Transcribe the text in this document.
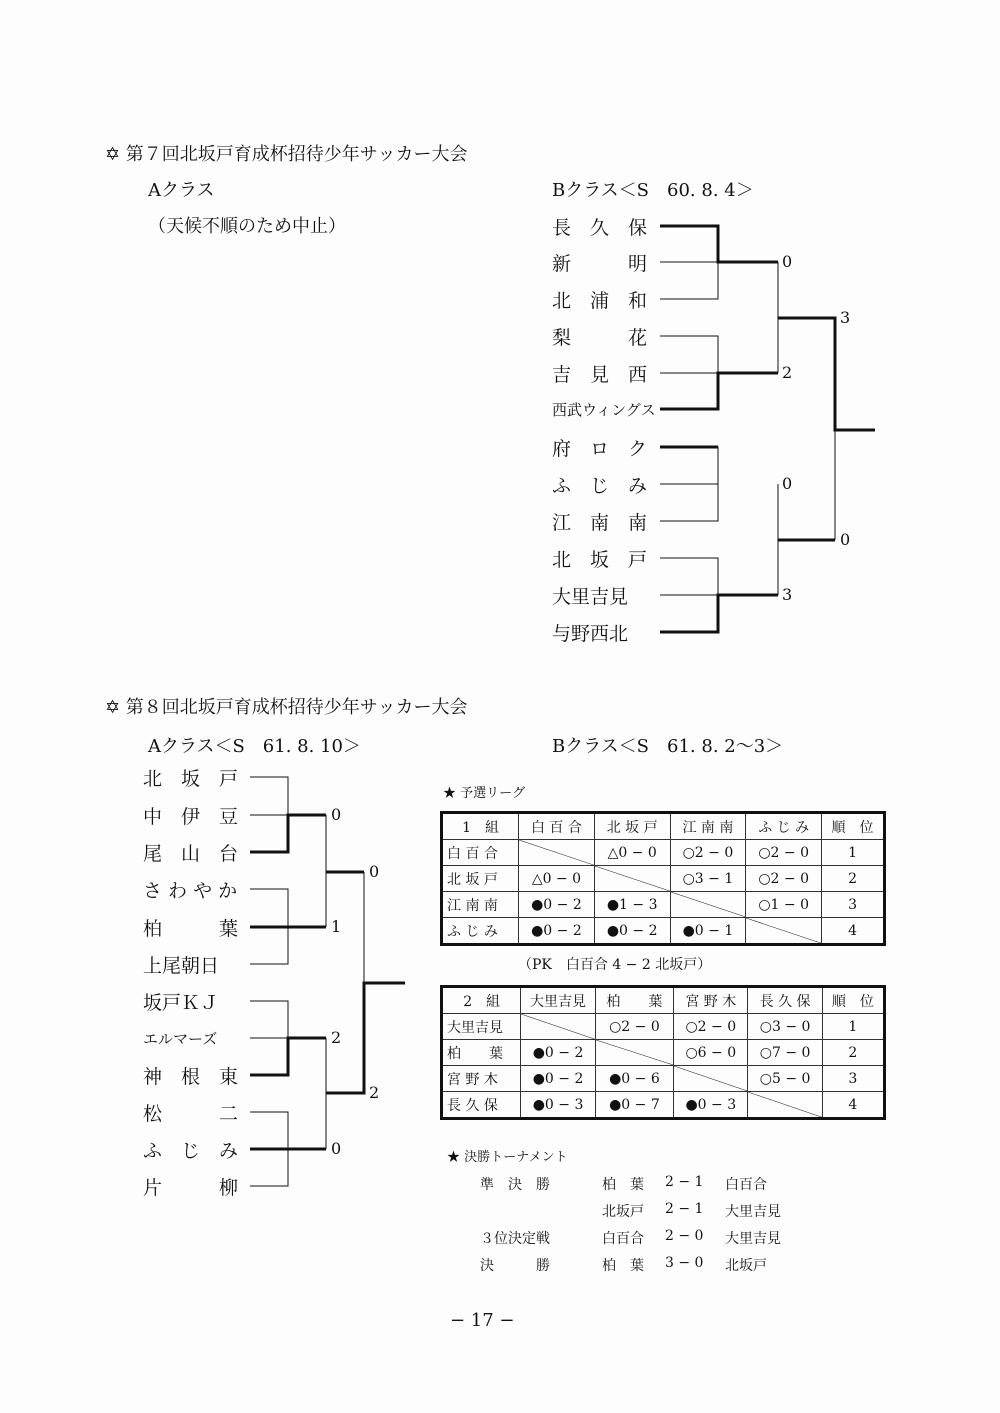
✡ 第７回北坂戸育成杯招待少年サッカー大会
Aクラス
（天候不順のため中止）
Bクラス＜S　60. 8. 4＞
✡ 第８回北坂戸育成杯招待少年サッカー大会
Aクラス＜S　61. 8. 10＞	Bクラス＜S　61. 8. 2〜3＞
★ 予選リーグ
1　組	白 百 合	北 坂 戸	江 南 南	ふ じ み	順　位
白 百 合		△0 − 0	○2 − 0	○2 − 0	1
北 坂 戸	△0 − 0		○3 − 1	○2 − 0	2
江 南 南	●0 − 2	●1 − 3		○1 − 0	3
ふ じ み	●0 − 2	●0 − 2	●0 − 1		4
（PK　白百合 4 − 2 北坂戸）
2　組	大里吉見	柏　　葉	宮 野 木	長 久 保	順　位
大里吉見		○2 − 0	○2 − 0	○3 − 0	1
柏　　葉	●0 − 2		○6 − 0	○7 − 0	2
宮 野 木	●0 − 2	●0 − 6		○5 − 0	3
長 久 保	●0 − 3	●0 − 7	●0 − 3		4
★ 決勝トーナメント
− 17 −
長　久　保
新　　　明
北　浦　和
梨　　　花
吉　見　西
西武ウィングス
府　ロ　ク
ふ　じ　み
江　南　南
北　坂　戸
大里吉見
与野西北
0
2
3
0
3
0
北　坂　戸
中　伊　豆
尾　山　台
さ わ や か
柏　　　葉
上尾朝日
坂戸ＫＪ
エルマーズ
神　根　東
松　　　二
ふ　じ　み
片　　　柳
0
1
2
0
0
2
準　決　勝	柏　葉 2 − 1 白百合
北坂戸 2 − 1 大里吉見
３位決定戦	白百合 2 − 0 大里吉見
決　　　勝	柏　葉 3 − 0 北坂戸
